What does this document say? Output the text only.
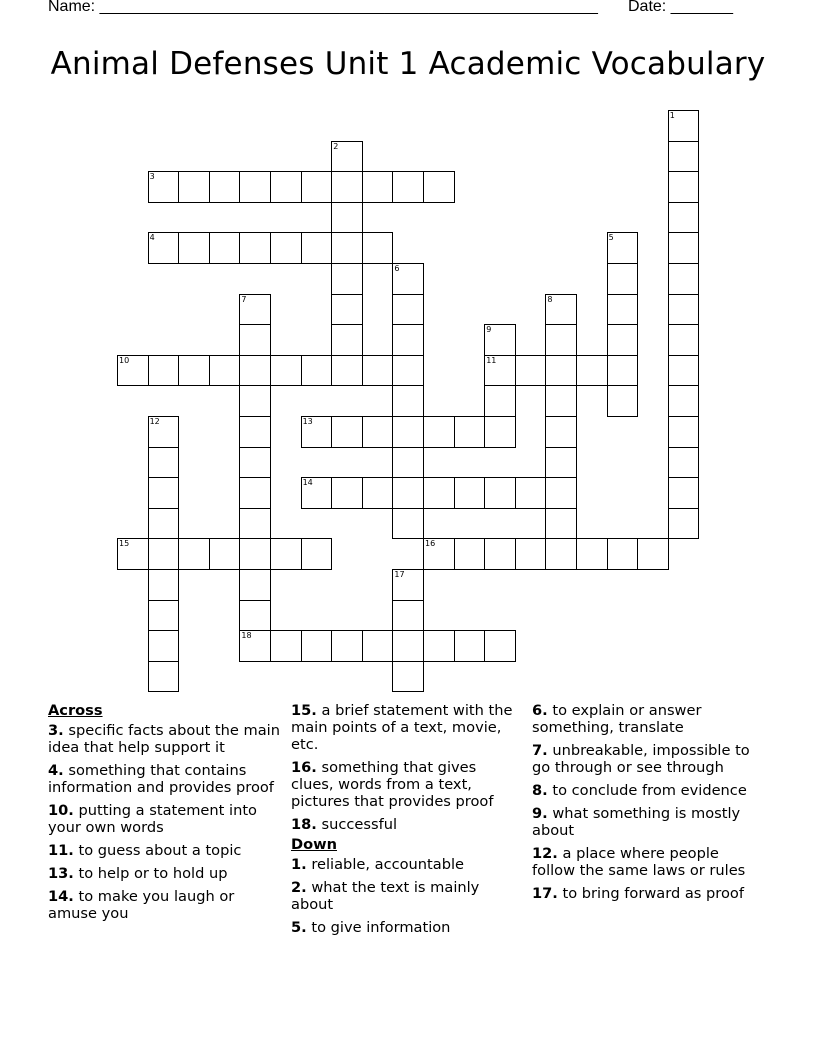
Name: ________________________________________________________ Date: _______
Animal Defenses Unit 1 Academic Vocabulary
1
2
3
4	5
6
7	8
9
10	11
12	13
14
15	16
17
18
Across
3. specific facts about the main idea that help support it
4. something that contains information and provides proof
10. putting a statement into your own words
11. to guess about a topic
13. to help or to hold up
14. to make you laugh or amuse you
15. a brief statement with the main points of a text, movie, etc.
16. something that gives clues, words from a text, pictures that provides proof
18. successful
Down
1. reliable, accountable
2. what the text is mainly about
5. to give information
6. to explain or answer something, translate
7. unbreakable, impossible to go through or see through
8. to conclude from evidence
9. what something is mostly about
12. a place where people follow the same laws or rules
17. to bring forward as proof
